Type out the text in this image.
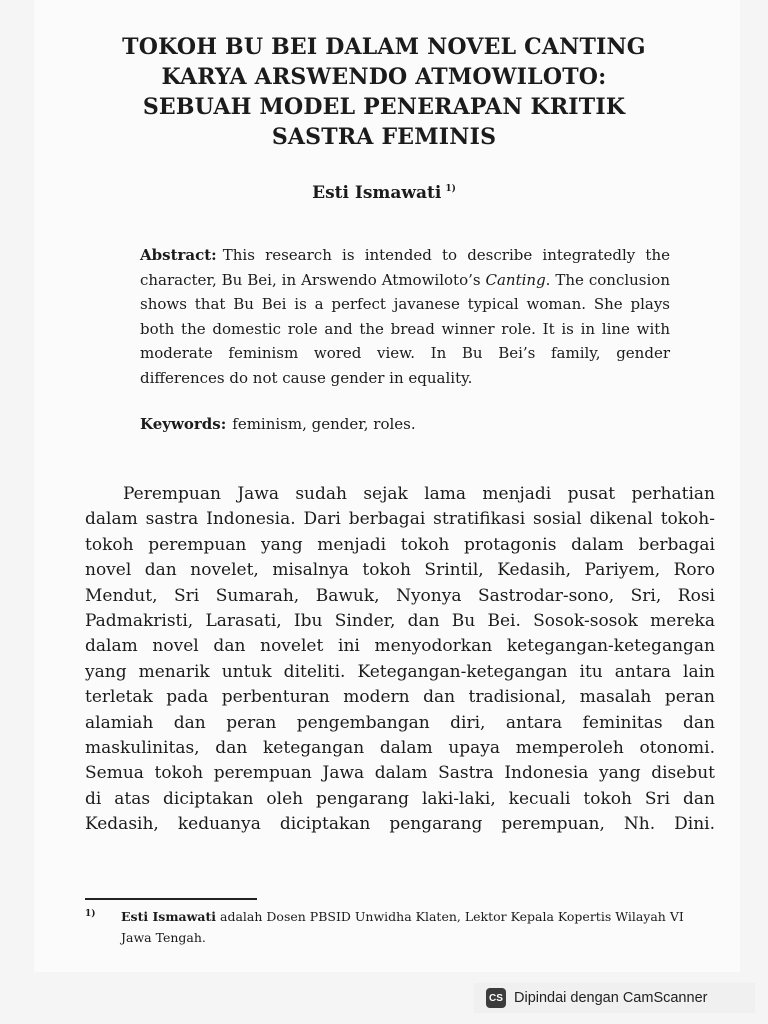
TOKOH BU BEI DALAM NOVEL CANTING
KARYA ARSWENDO ATMOWILOTO:
SEBUAH MODEL PENERAPAN KRITIK
SASTRA FEMINIS
Esti Ismawati $^{1)}$
Abstract: This research is intended to describe integratedly the character, Bu Bei, in Arswendo Atmowiloto’s Canting. The conclusion shows that Bu Bei is a perfect javanese typical woman. She plays both the domestic role and the bread winner role. It is in line with moderate feminism wored view. In Bu Bei’s family, gender differences do not cause gender in equality.
Keywords: feminism, gender, roles.
Perempuan Jawa sudah sejak lama menjadi pusat perhatian
dalam sastra Indonesia. Dari berbagai stratifikasi sosial dikenal tokoh-
tokoh perempuan yang menjadi tokoh protagonis dalam berbagai
novel dan novelet, misalnya tokoh Srintil, Kedasih, Pariyem, Roro
Mendut, Sri Sumarah, Bawuk, Nyonya Sastrodar-sono, Sri, Rosi
Padmakristi, Larasati, Ibu Sinder, dan Bu Bei. Sosok-sosok mereka
dalam novel dan novelet ini menyodorkan ketegangan-ketegangan
yang menarik untuk diteliti. Ketegangan-ketegangan itu antara lain
terletak pada perbenturan modern dan tradisional, masalah peran
alamiah dan peran pengembangan diri, antara feminitas dan
maskulinitas, dan ketegangan dalam upaya memperoleh otonomi.
Semua tokoh perempuan Jawa dalam Sastra Indonesia yang disebut
di atas diciptakan oleh pengarang laki-laki, kecuali tokoh Sri dan
Kedasih, keduanya diciptakan pengarang perempuan, Nh. Dini.
1) Esti Ismawati adalah Dosen PBSID Unwidha Klaten, Lektor Kepala Kopertis Wilayah VI Jawa Tengah.
CS Dipindai dengan CamScanner
